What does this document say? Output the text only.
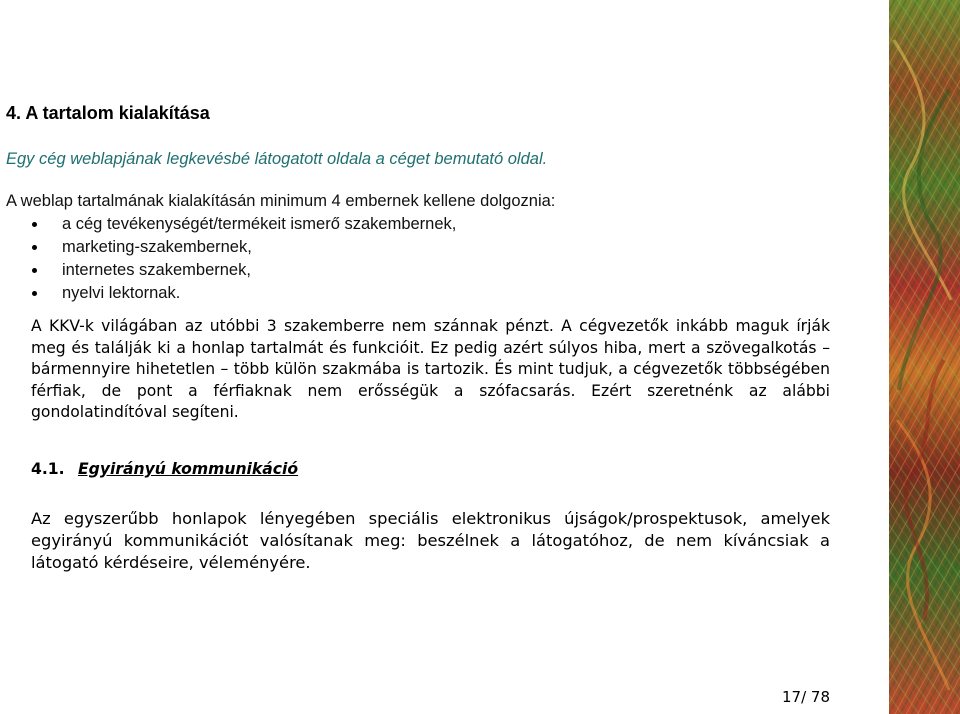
4. A tartalom kialakítása
Egy cég weblapjának legkevésbé látogatott oldala a céget bemutató oldal.
A weblap tartalmának kialakításán minimum 4 embernek kellene dolgoznia:
a cég tevékenységét/termékeit ismerő szakembernek,
marketing-szakembernek,
internetes szakembernek,
nyelvi lektornak.
A KKV-k világában az utóbbi 3 szakemberre nem szánnak pénzt. A cégvezetők inkább maguk írják meg és találják ki a honlap tartalmát és funkcióit. Ez pedig azért súlyos hiba, mert a szövegalkotás – bármennyire hihetetlen – több külön szakmába is tartozik. És mint tudjuk, a cégvezetők többségében férfiak, de pont a férfiaknak nem erősségük a szófacsarás. Ezért szeretnénk az alábbi gondolatindítóval segíteni.
4.1. Egyirányú kommunikáció
Az egyszerűbb honlapok lényegében speciális elektronikus újságok/prospektusok, amelyek egyirányú kommunikációt valósítanak meg: beszélnek a látogatóhoz, de nem kíváncsiak a látogató kérdéseire, véleményére.
17/ 78
